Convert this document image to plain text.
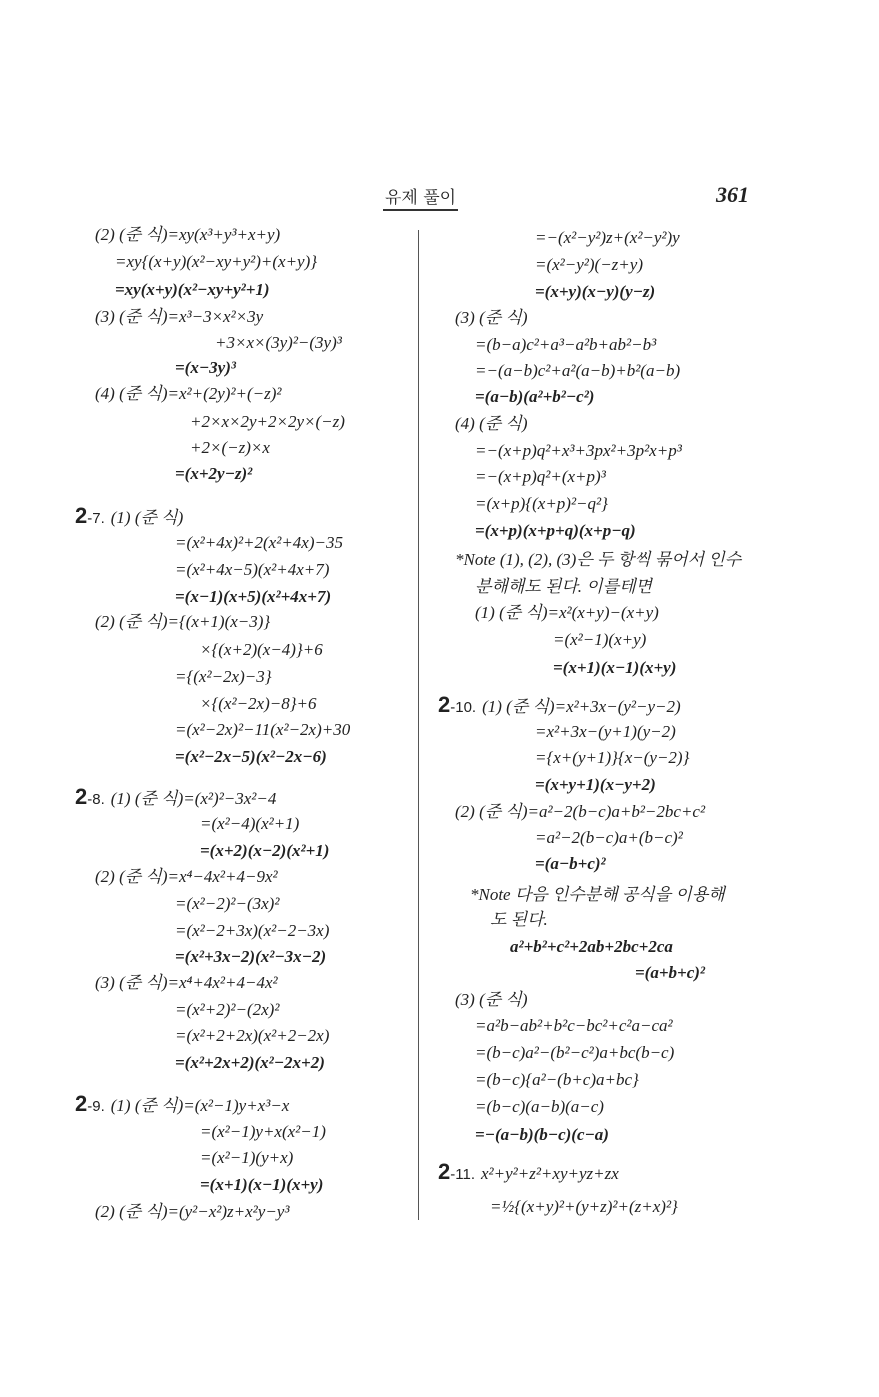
유제 풀이	361
(2) (준 식)=xy(x³+y³+x+y)
=xy{(x+y)(x²−xy+y²)+(x+y)}
=xy(x+y)(x²−xy+y²+1)
(3) (준 식)=x³−3×x²×3y
+3×x×(3y)²−(3y)³
=(x−3y)³
(4) (준 식)=x²+(2y)²+(−z)²
+2×x×2y+2×2y×(−z)
+2×(−z)×x
=(x+2y−z)²
2-7. (1) (준 식)
=(x²+4x)²+2(x²+4x)−35
=(x²+4x−5)(x²+4x+7)
=(x−1)(x+5)(x²+4x+7)
(2) (준 식)={(x+1)(x−3)}
×{(x+2)(x−4)}+6
={(x²−2x)−3}
×{(x²−2x)−8}+6
=(x²−2x)²−11(x²−2x)+30
=(x²−2x−5)(x²−2x−6)
2-8. (1) (준 식)=(x²)²−3x²−4
=(x²−4)(x²+1)
=(x+2)(x−2)(x²+1)
(2) (준 식)=x⁴−4x²+4−9x²
=(x²−2)²−(3x)²
=(x²−2+3x)(x²−2−3x)
=(x²+3x−2)(x²−3x−2)
(3) (준 식)=x⁴+4x²+4−4x²
=(x²+2)²−(2x)²
=(x²+2+2x)(x²+2−2x)
=(x²+2x+2)(x²−2x+2)
2-9. (1) (준 식)=(x²−1)y+x³−x
=(x²−1)y+x(x²−1)
=(x²−1)(y+x)
=(x+1)(x−1)(x+y)
(2) (준 식)=(y²−x²)z+x²y−y³
=−(x²−y²)z+(x²−y²)y
=(x²−y²)(−z+y)
=(x+y)(x−y)(y−z)
(3) (준 식)
=(b−a)c²+a³−a²b+ab²−b³
=−(a−b)c²+a²(a−b)+b²(a−b)
=(a−b)(a²+b²−c²)
(4) (준 식)
=−(x+p)q²+x³+3px²+3p²x+p³
=−(x+p)q²+(x+p)³
=(x+p){(x+p)²−q²}
=(x+p)(x+p+q)(x+p−q)
*Note (1), (2), (3)은 두 항씩 묶어서 인수
분해해도 된다. 이를테면
(1) (준 식)=x²(x+y)−(x+y)
=(x²−1)(x+y)
=(x+1)(x−1)(x+y)
2-10. (1) (준 식)=x²+3x−(y²−y−2)
=x²+3x−(y+1)(y−2)
={x+(y+1)}{x−(y−2)}
=(x+y+1)(x−y+2)
(2) (준 식)=a²−2(b−c)a+b²−2bc+c²
=a²−2(b−c)a+(b−c)²
=(a−b+c)²
*Note 다음 인수분해 공식을 이용해
도 된다.
a²+b²+c²+2ab+2bc+2ca
=(a+b+c)²
(3) (준 식)
=a²b−ab²+b²c−bc²+c²a−ca²
=(b−c)a²−(b²−c²)a+bc(b−c)
=(b−c){a²−(b+c)a+bc}
=(b−c)(a−b)(a−c)
=−(a−b)(b−c)(c−a)
2-11. x²+y²+z²+xy+yz+zx
=½{(x+y)²+(y+z)²+(z+x)²}
